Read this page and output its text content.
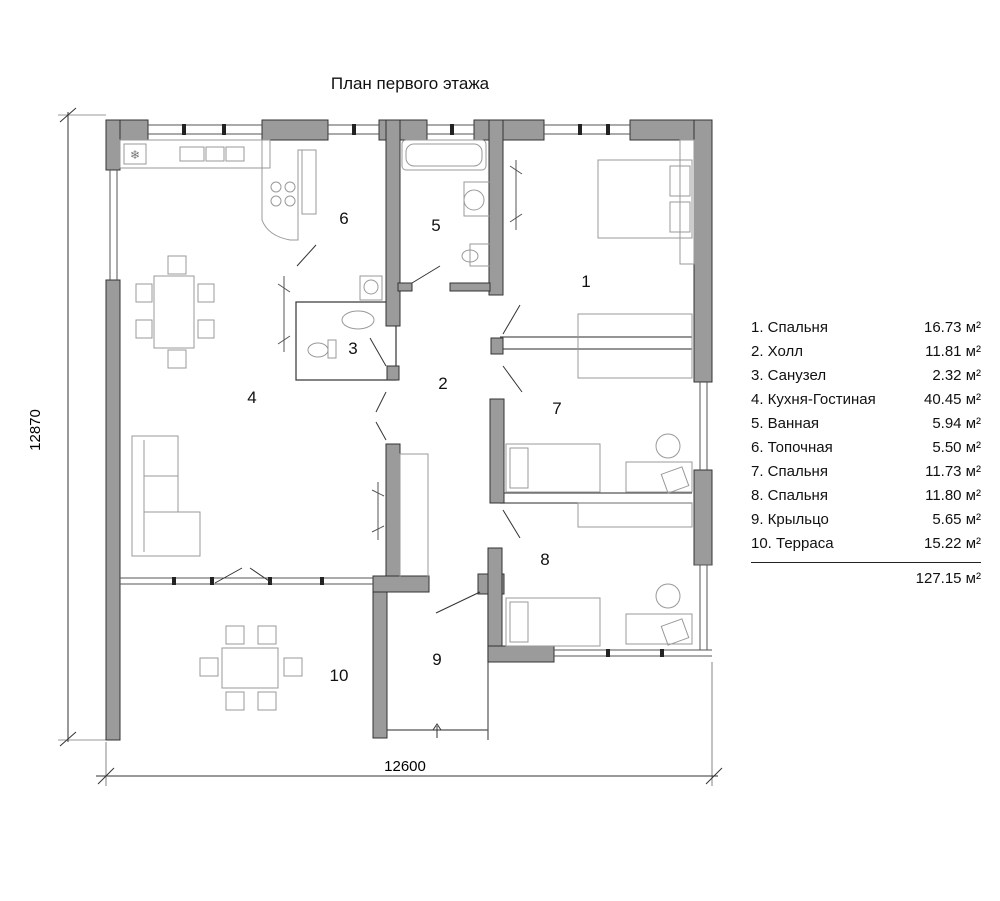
План первого этажа
12870
12600
❄
1
2
3
4
5
6
7
8
9
10
1. Спальня	16.73 м²
2. Холл	11.81 м²
3. Санузел	2.32 м²
4. Кухня-Гостиная	40.45 м²
5. Ванная	5.94 м²
6. Топочная	5.50 м²
7. Спальня	11.73 м²
8. Спальня	11.80 м²
9. Крыльцо	5.65 м²
10. Терраса	15.22 м²
127.15 м²
